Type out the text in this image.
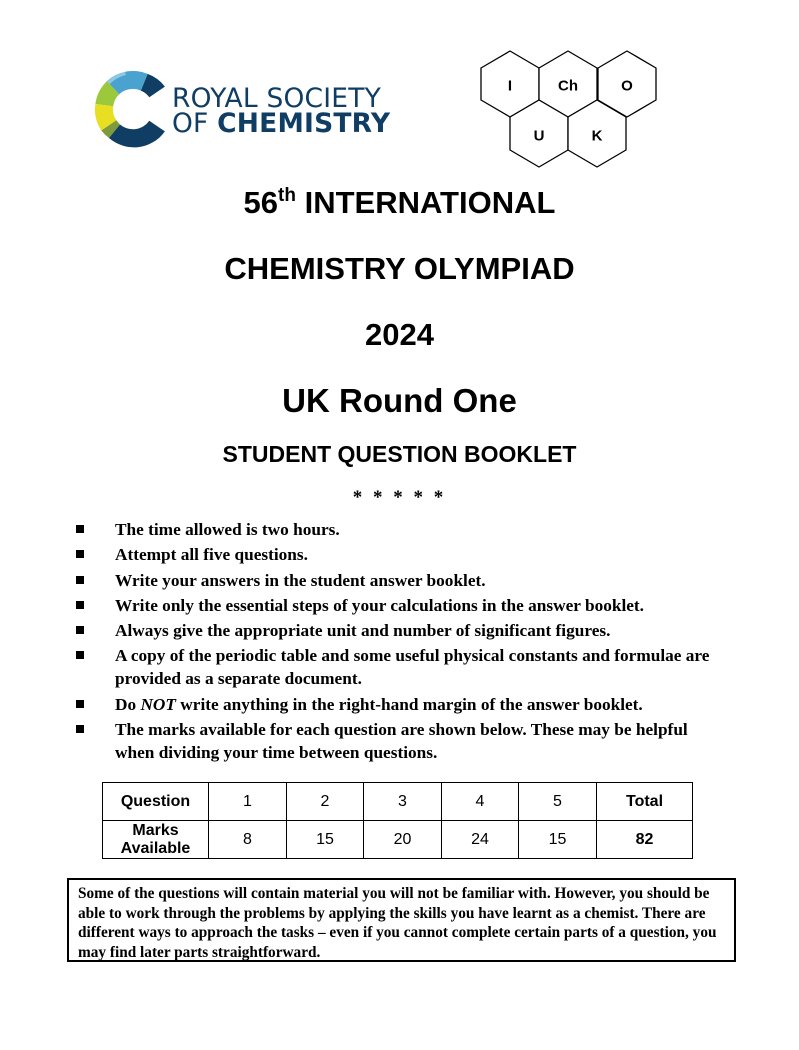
ROYAL SOCIETY
OF CHEMISTRY
I	Ch	O
U	K
56th INTERNATIONAL
CHEMISTRY OLYMPIAD
2024
UK Round One
STUDENT QUESTION BOOKLET
* * * * *
The time allowed is two hours.
Attempt all five questions.
Write your answers in the student answer booklet.
Write only the essential steps of your calculations in the answer booklet.
Always give the appropriate unit and number of significant figures.
A copy of the periodic table and some useful physical constants and formulae are provided as a separate document.
Do NOT write anything in the right-hand margin of the answer booklet.
The marks available for each question are shown below. These may be helpful when dividing your time between questions.
Question	1	2	3	4	5	Total

Marks
Available	8	15	20	24	15	82
Some of the questions will contain material you will not be familiar with. However, you should be able to work through the problems by applying the skills you have learnt as a chemist. There are different ways to approach the tasks – even if you cannot complete certain parts of a question, you may find later parts straightforward.
